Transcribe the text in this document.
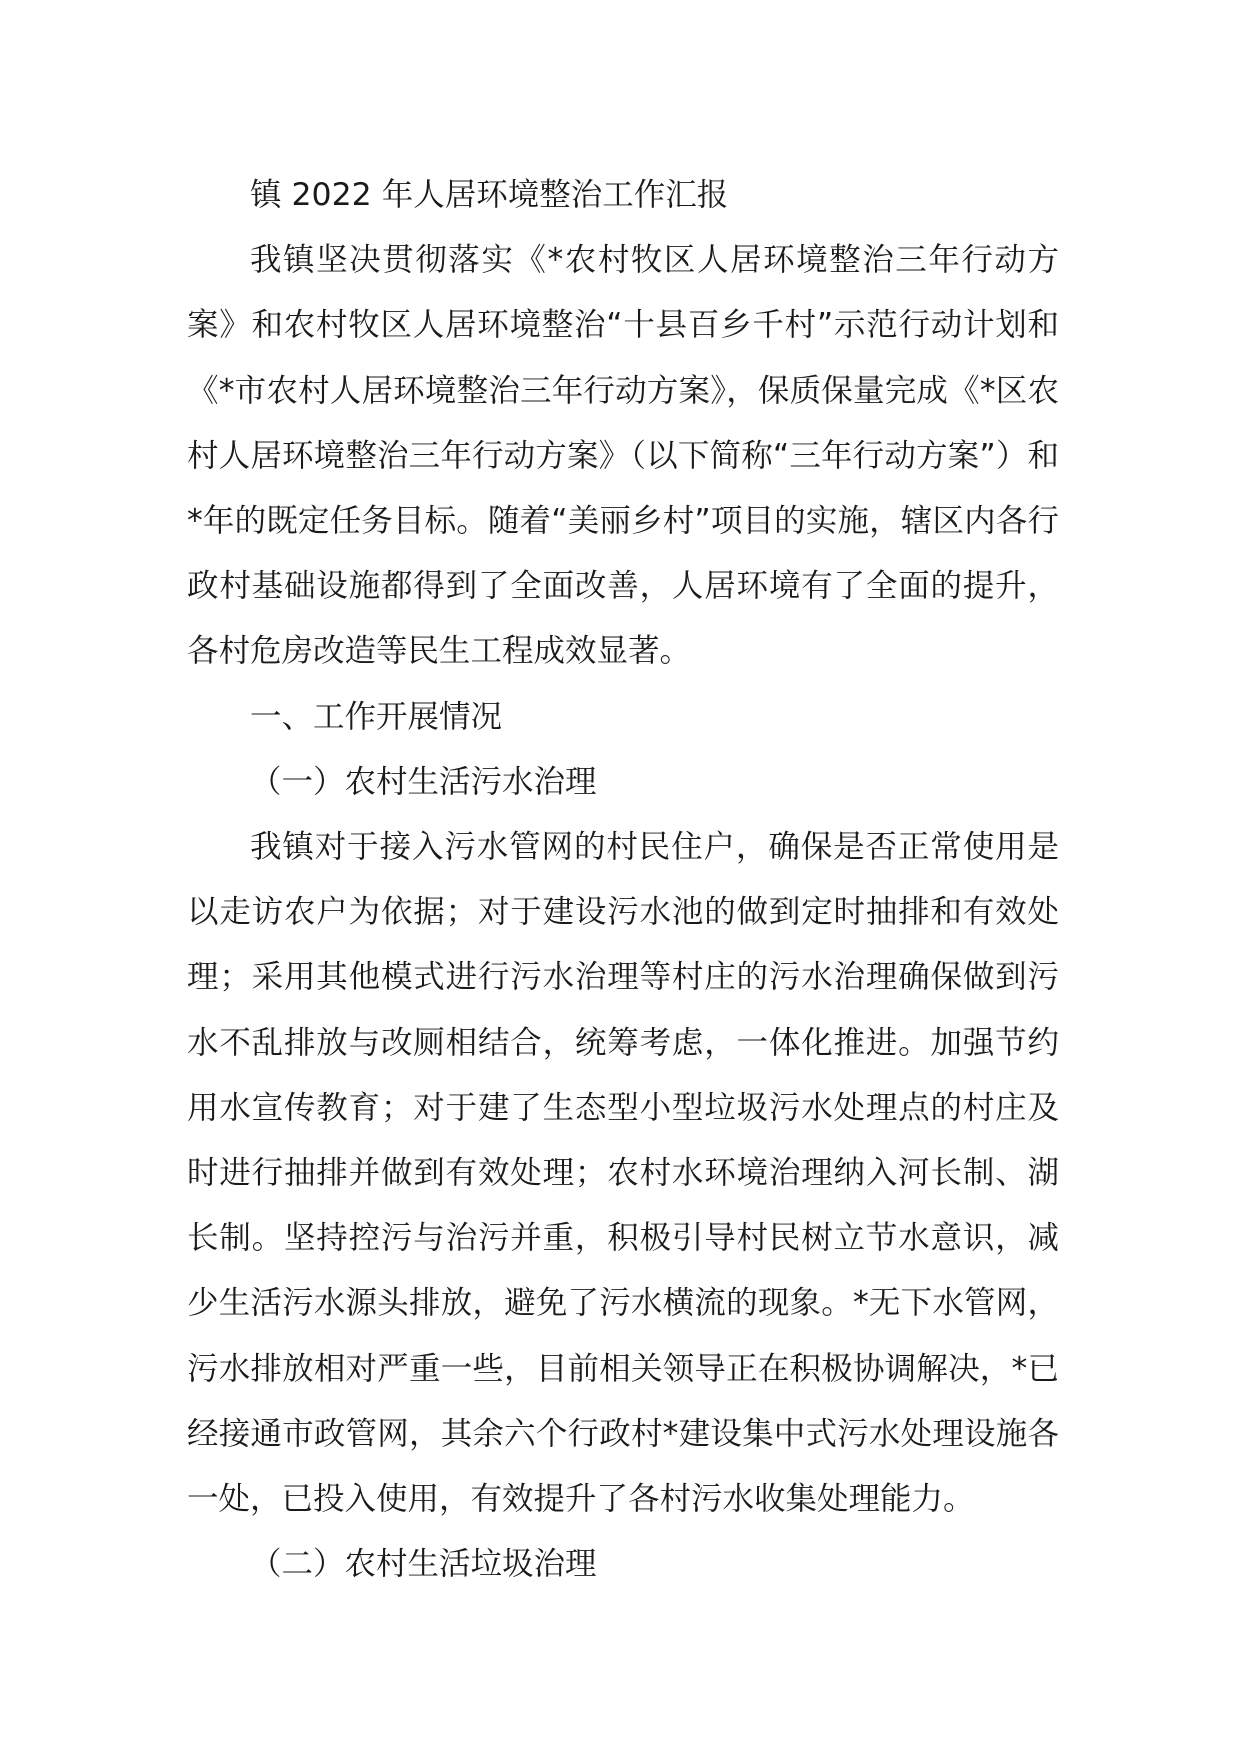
镇 2022 年人居环境整治工作汇报

我镇坚决贯彻落实《*农村牧区人居环境整治三年行动方案》和农村牧区人居环境整治“十县百乡千村”示范行动计划和《*市农村人居环境整治三年行动方案》，保质保量完成《*区农村人居环境整治三年行动方案》（以下简称“三年行动方案”）和*年的既定任务目标。随着“美丽乡村”项目的实施，辖区内各行政村基础设施都得到了全面改善，人居环境有了全面的提升，各村危房改造等民生工程成效显著。

一、工作开展情况

（一）农村生活污水治理

我镇对于接入污水管网的村民住户，确保是否正常使用是以走访农户为依据；对于建设污水池的做到定时抽排和有效处理；采用其他模式进行污水治理等村庄的污水治理确保做到污水不乱排放与改厕相结合，统筹考虑，一体化推进。加强节约用水宣传教育；对于建了生态型小型垃圾污水处理点的村庄及时进行抽排并做到有效处理；农村水环境治理纳入河长制、湖长制。坚持控污与治污并重，积极引导村民树立节水意识，减少生活污水源头排放，避免了污水横流的现象。*无下水管网，污水排放相对严重一些，目前相关领导正在积极协调解决，*已经接通市政管网，其余六个行政村*建设集中式污水处理设施各一处，已投入使用，有效提升了各村污水收集处理能力。

（二）农村生活垃圾治理
